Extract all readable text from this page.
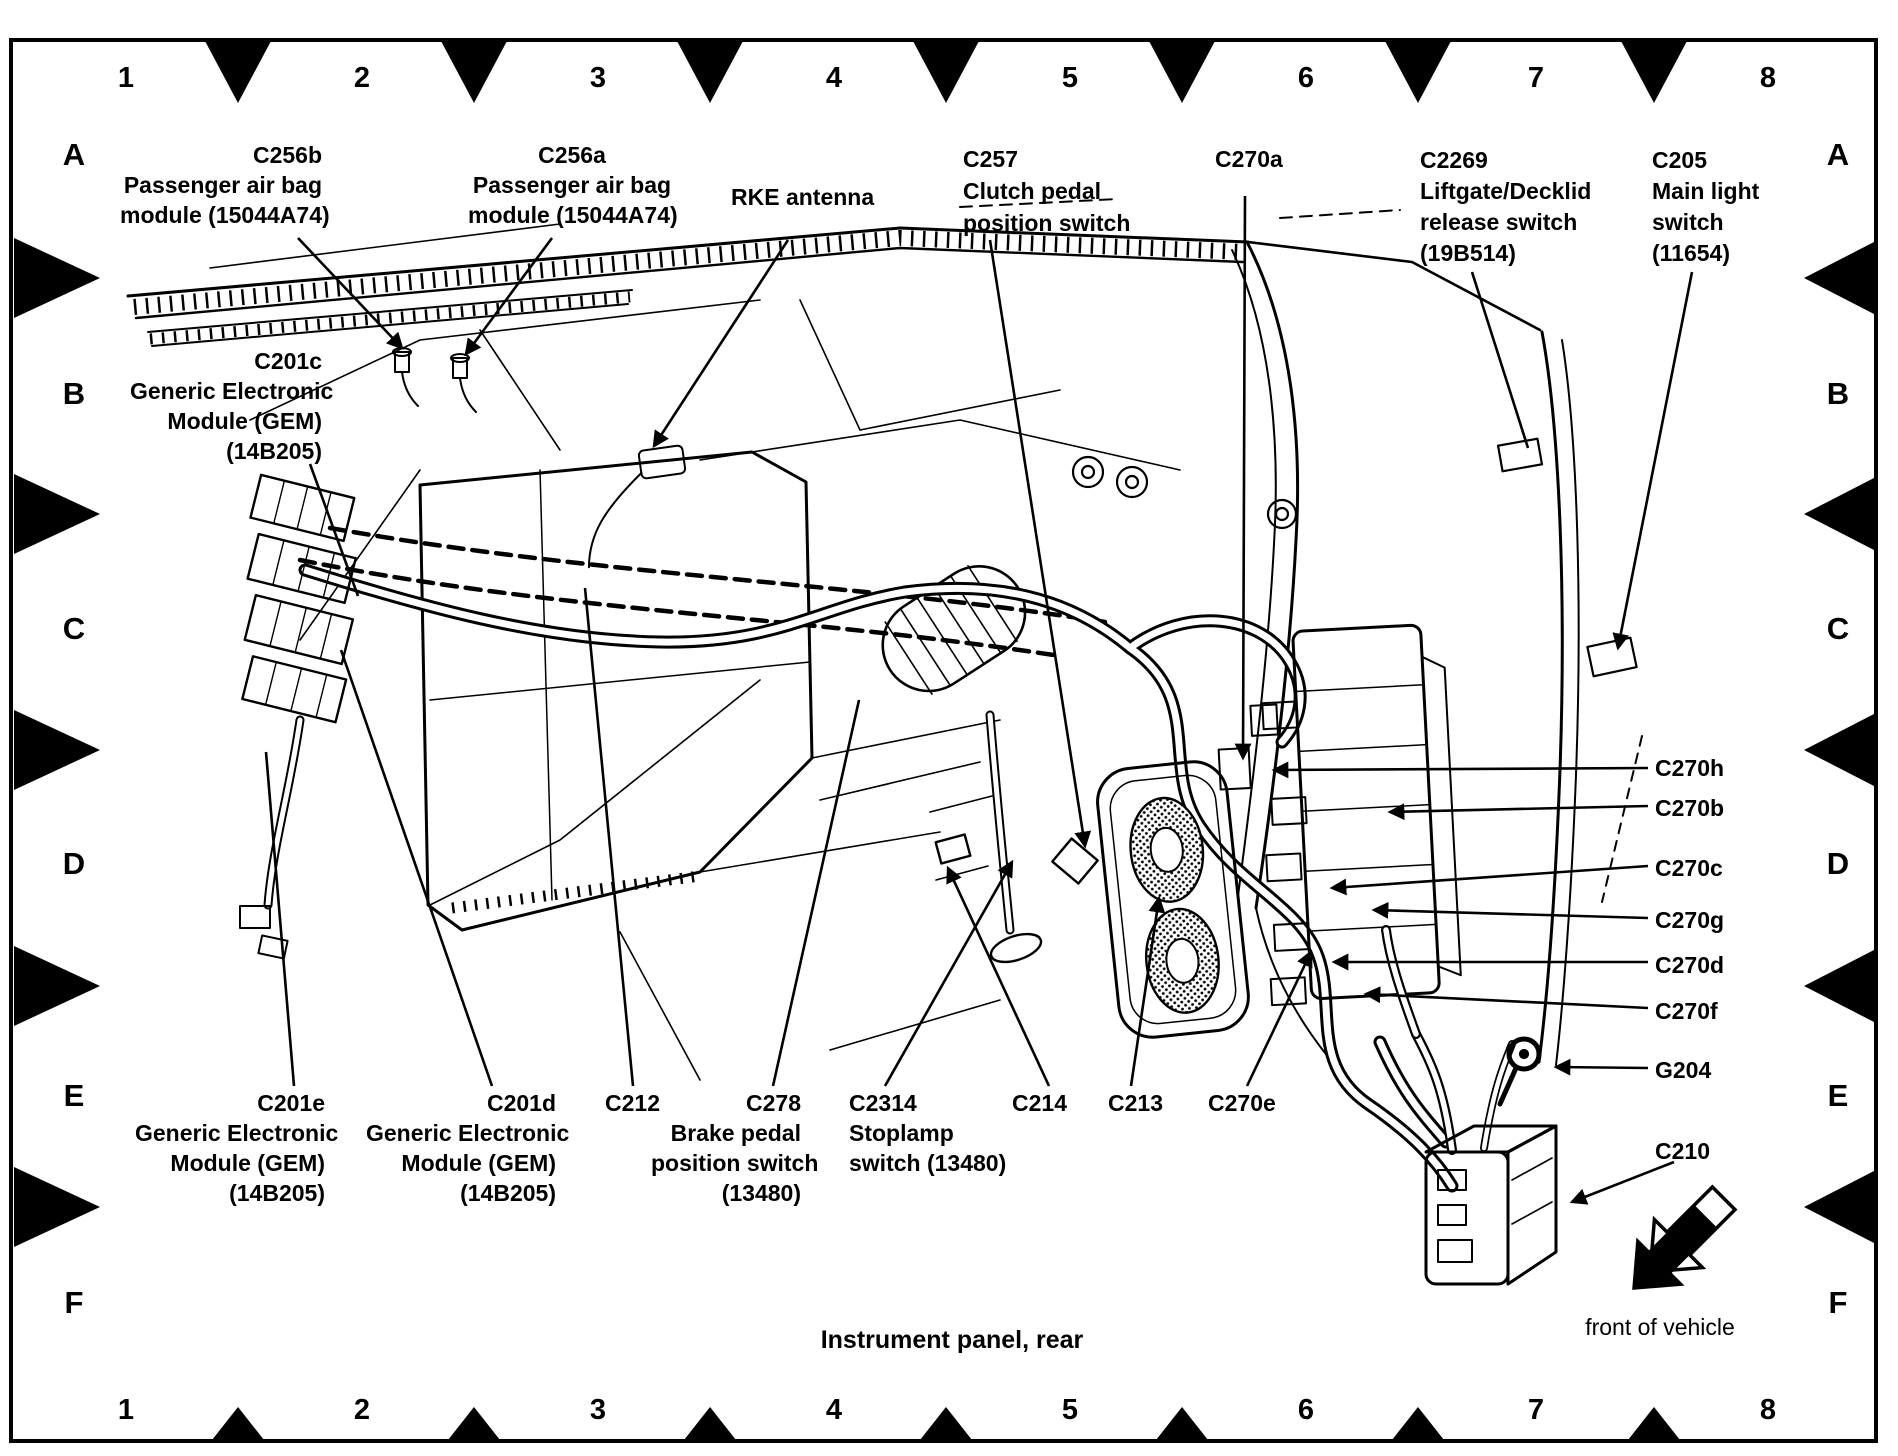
1	2	3	4	5	6	7	8
1	2	3	4	5	6	7	8
A
B
C
D
E
F
A
B
C
D
E
F
C256b
Passenger air bag
module (15044A74)
C256a
Passenger air bag
module (15044A74)
RKE antenna
C257
Clutch pedal
position switch
C270a	C2269
Liftgate/Decklid
release switch
(19B514)
C205
Main light
switch
(11654)
C201c
Generic Electronic
Module (GEM)
(14B205)
C270h
C270b
C270c
C270g
C270d
C270f
G204
C210
C201e
Generic Electronic
Module (GEM)
(14B205)
C201d
Generic Electronic
Module (GEM)
(14B205)
C212	C278
Brake pedal
position switch
(13480)
C2314
Stoplamp
switch (13480)
C214 C213 C270e
Instrument panel, rear	front of vehicle
